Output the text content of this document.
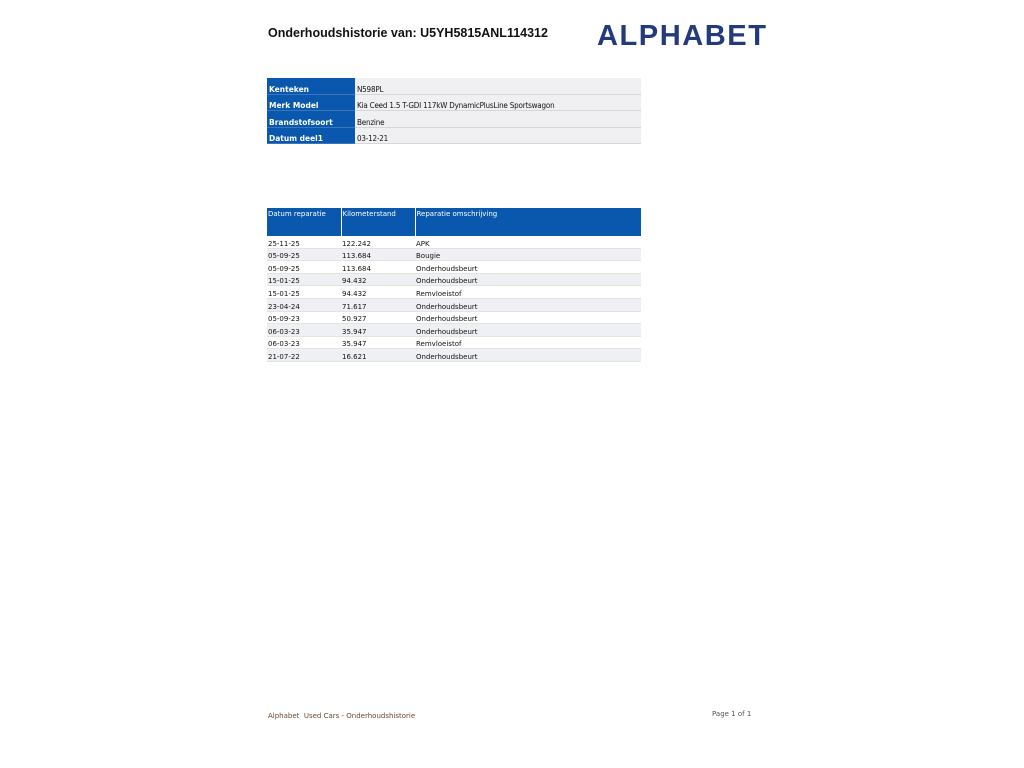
Onderhoudshistorie van: U5YH5815ANL114312 ALPHABET
Kenteken	N598PL
Merk Model	Kia Ceed 1.5 T-GDI 117kW DynamicPlusLine Sportswagon
Brandstofsoort	Benzine
Datum deel1	03-12-21
Datum reparatie	Kilometerstand	Reparatie omschrijving
25-11-25	122.242	APK
05-09-25	113.684	Bougie
05-09-25	113.684	Onderhoudsbeurt
15-01-25	94.432	Onderhoudsbeurt
15-01-25	94.432	Remvloeistof
23-04-24	71.617	Onderhoudsbeurt
05-09-23	50.927	Onderhoudsbeurt
06-03-23	35.947	Onderhoudsbeurt
06-03-23	35.947	Remvloeistof
21-07-22	16.621	Onderhoudsbeurt
Alphabet  Used Cars - Onderhoudshistorie	Page 1 of 1
